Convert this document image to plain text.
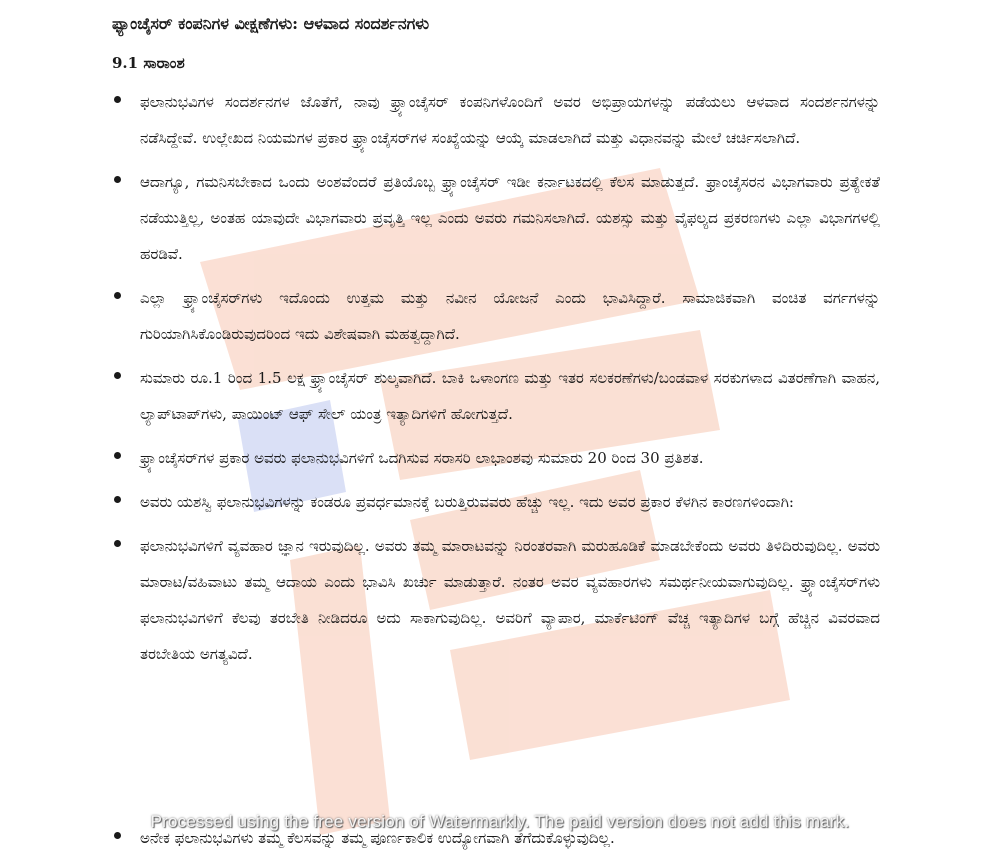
ಫ್ಯಾಂಚೈಸರ್ ಕಂಪನಿಗಳ ವೀಕ್ಷಣೆಗಳು: ಆಳವಾದ ಸಂದರ್ಶನಗಳು
9.1 ಸಾರಾಂಶ
ಫಲಾನುಭವಿಗಳ ಸಂದರ್ಶನಗಳ ಜೊತೆಗೆ, ನಾವು ಫ್ರ್ಯಾಂಚೈಸರ್ ಕಂಪನಿಗಳೊಂದಿಗೆ ಅವರ ಅಭಿಪ್ರಾಯಗಳನ್ನು ಪಡೆಯಲು ಆಳವಾದ ಸಂದರ್ಶನಗಳನ್ನು ನಡೆಸಿದ್ದೇವೆ. ಉಲ್ಲೇಖದ ನಿಯಮಗಳ ಪ್ರಕಾರ ಫ್ರ್ಯಾಂಚೈಸರ್‌ಗಳ ಸಂಖ್ಯೆಯನ್ನು ಆಯ್ಕೆ ಮಾಡಲಾಗಿದೆ ಮತ್ತು ವಿಧಾನವನ್ನು ಮೇಲೆ ಚರ್ಚಿಸಲಾಗಿದೆ.
ಆದಾಗ್ಯೂ, ಗಮನಿಸಬೇಕಾದ ಒಂದು ಅಂಶವೆಂದರೆ ಪ್ರತಿಯೊಬ್ಬ ಫ್ರ್ಯಾಂಚೈಸರ್ ಇಡೀ ಕರ್ನಾಟಕದಲ್ಲಿ ಕೆಲಸ ಮಾಡುತ್ತದೆ. ಫ್ರಾಂಚೈಸರನ ವಿಭಾಗವಾರು ಪ್ರತ್ಯೇಕತೆ ನಡೆಯುತ್ತಿಲ್ಲ, ಅಂತಹ ಯಾವುದೇ ವಿಭಾಗವಾರು ಪ್ರವೃತ್ತಿ ಇಲ್ಲ ಎಂದು ಅವರು ಗಮನಿಸಲಾಗಿದೆ. ಯಶಸ್ಸು ಮತ್ತು ವೈಫಲ್ಯದ ಪ್ರಕರಣಗಳು ಎಲ್ಲಾ ವಿಭಾಗಗಳಲ್ಲಿ ಹರಡಿವೆ.
ಎಲ್ಲಾ ಫ್ರ್ಯಾಂಚೈಸರ್‌ಗಳು ಇದೊಂದು ಉತ್ತಮ ಮತ್ತು ನವೀನ ಯೋಜನೆ ಎಂದು ಭಾವಿಸಿದ್ದಾರೆ. ಸಾಮಾಜಿಕವಾಗಿ ವಂಚಿತ ವರ್ಗಗಳನ್ನು ಗುರಿಯಾಗಿಸಿಕೊಂಡಿರುವುದರಿಂದ ಇದು ವಿಶೇಷವಾಗಿ ಮಹತ್ವದ್ದಾಗಿದೆ.
ಸುಮಾರು ರೂ.1 ರಿಂದ 1.5 ಲಕ್ಷ ಫ್ರ್ಯಾಂಚೈಸರ್ ಶುಲ್ಕವಾಗಿದೆ. ಬಾಕಿ ಒಳಾಂಗಣ ಮತ್ತು ಇತರ ಸಲಕರಣೆಗಳು/ಬಂಡವಾಳ ಸರಕುಗಳಾದ ವಿತರಣೆಗಾಗಿ ವಾಹನ, ಲ್ಯಾಪ್‌ಟಾಪ್‌ಗಳು, ಪಾಯಿಂಟ್ ಆಫ್ ಸೇಲ್ ಯಂತ್ರ ಇತ್ಯಾದಿಗಳಿಗೆ ಹೋಗುತ್ತದೆ.
ಫ್ರ್ಯಾಂಚೈಸರ್‌ಗಳ ಪ್ರಕಾರ ಅವರು ಫಲಾನುಭವಿಗಳಿಗೆ ಒದಗಿಸುವ ಸರಾಸರಿ ಲಾಭಾಂಶವು ಸುಮಾರು 20 ರಿಂದ 30 ಪ್ರತಿಶತ.
ಅವರು ಯಶಸ್ವಿ ಫಲಾನುಭವಿಗಳನ್ನು ಕಂಡರೂ ಪ್ರವರ್ಧಮಾನಕ್ಕೆ ಬರುತ್ತಿರುವವರು ಹೆಚ್ಚು ಇಲ್ಲ. ಇದು ಅವರ ಪ್ರಕಾರ ಕೆಳಗಿನ ಕಾರಣಗಳಿಂದಾಗಿ:
ಫಲಾನುಭವಿಗಳಿಗೆ ವ್ಯವಹಾರ ಜ್ಞಾನ ಇರುವುದಿಲ್ಲ. ಅವರು ತಮ್ಮ ಮಾರಾಟವನ್ನು ನಿರಂತರವಾಗಿ ಮರುಹೂಡಿಕೆ ಮಾಡಬೇಕೆಂದು ಅವರು ತಿಳಿದಿರುವುದಿಲ್ಲ. ಅವರು ಮಾರಾಟ/ವಹಿವಾಟು ತಮ್ಮ ಆದಾಯ ಎಂದು ಭಾವಿಸಿ ಖರ್ಚು ಮಾಡುತ್ತಾರೆ. ನಂತರ ಅವರ ವ್ಯವಹಾರಗಳು ಸಮರ್ಥನೀಯವಾಗುವುದಿಲ್ಲ. ಫ್ರ್ಯಾಂಚೈಸರ್‌ಗಳು ಫಲಾನುಭವಿಗಳಿಗೆ ಕೆಲವು ತರಬೇತಿ ನೀಡಿದರೂ ಅದು ಸಾಕಾಗುವುದಿಲ್ಲ. ಅವರಿಗೆ ವ್ಯಾಪಾರ, ಮಾರ್ಕೆಟಿಂಗ್ ವೆಚ್ಚ ಇತ್ಯಾದಿಗಳ ಬಗ್ಗೆ ಹೆಚ್ಚಿನ ವಿವರವಾದ ತರಬೇತಿಯ ಅಗತ್ಯವಿದೆ.
ಅನೇಕ ಫಲಾನುಭವಿಗಳು ತಮ್ಮ ಕೆಲಸವನ್ನು ತಮ್ಮ ಪೂರ್ಣಕಾಲಿಕ ಉದ್ಯೋಗವಾಗಿ ತೆಗೆದುಕೊಳ್ಳುವುದಿಲ್ಲ.
Processed using the free version of Watermarkly. The paid version does not add this mark.
